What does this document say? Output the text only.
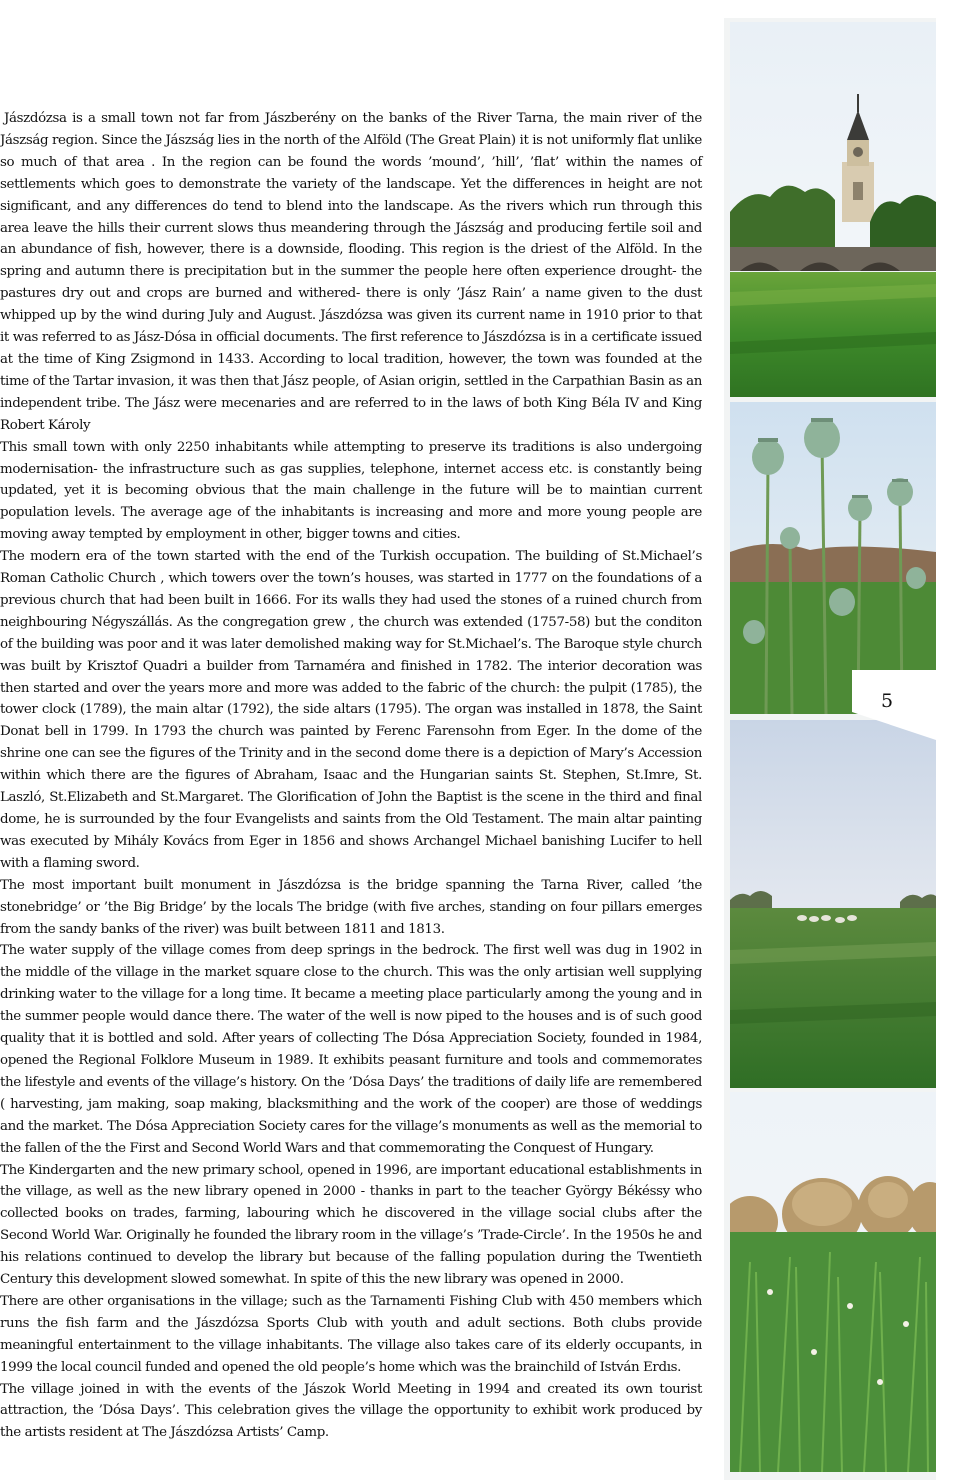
Jászdózsa is a small town not far from Jászberény on the banks of the River Tarna, the main river of the Jászság region. Since the Jászság lies in the north of the Alföld (The Great Plain) it is not uniformly flat unlike so much of that area . In the region can be found the words ’mound’, ’hill’, ’flat’ within the names of settlements which goes to demonstrate the variety of the landscape. Yet the differences in height are not significant, and any differences do tend to blend into the landscape. As the rivers which run through this area leave the hills their current slows thus meandering through the Jászság and producing fertile soil and an abundance of fish, however, there is a downside, flooding. This region is the driest of the Alföld. In the spring and autumn there is precipitation but in the summer the people here often experience drought- the pastures dry out and crops are burned and withered- there is only ’Jász Rain’ a name given to the dust whipped up by the wind during July and August. Jászdózsa was given its current name in 1910 prior to that it was referred to as Jász-Dósa in official documents. The first reference to Jászdózsa is in a certificate issued at the time of King Zsigmond in 1433. According to local tradition, however, the town was founded at the time of the Tartar invasion, it was then that Jász people, of Asian origin, settled in the Carpathian Basin as an independent tribe. The Jász were mecenaries and are referred to in the laws of both King Béla IV and King Robert Károly

This small town with only 2250 inhabitants while attempting to preserve its traditions is also undergoing modernisation- the infrastructure such as gas supplies, telephone, internet access etc. is constantly being updated, yet it is becoming obvious that the main challenge in the future will be to maintian current population levels. The average age of the inhabitants is increasing and more and more young people are moving away tempted by employment in other, bigger towns and cities.

The modern era of the town started with the end of the Turkish occupation. The building of St.Michael’s Roman Catholic Church , which towers over the town’s houses, was started in 1777 on the foundations of a previous church that had been built in 1666. For its walls they had used the stones of a ruined church from neighbouring Négyszállás. As the congregation grew , the church was extended (1757-58) but the conditon of the building was poor and it was later demolished making way for St.Michael’s. The Baroque style church was built by Krisztof Quadri a builder from Tarnaméra and finished in 1782. The interior decoration was then started and over the years more and more was added to the fabric of the church: the pulpit (1785), the tower clock (1789), the main altar (1792), the side altars (1795). The organ was installed in 1878, the Saint Donat bell in 1799. In 1793 the church was painted by Ferenc Farensohn from Eger. In the dome of the shrine one can see the figures of the Trinity and in the second dome there is a depiction of Mary’s Accession within which there are the figures of Abraham, Isaac and the Hungarian saints St. Stephen, St.Imre, St. Laszló, St.Elizabeth and St.Margaret. The Glorification of John the Baptist is the scene in the third and final dome, he is surrounded by the four Evangelists and saints from the Old Testament. The main altar painting was executed by Mihály Kovács from Eger in 1856 and shows Archangel Michael banishing Lucifer to hell with a flaming sword.

The most important built monument in Jászdózsa is the bridge spanning the Tarna River, called ’the stonebridge’ or ’the Big Bridge’ by the locals The bridge (with five arches, standing on four pillars emerges from the sandy banks of the river) was built between 1811 and 1813.

The water supply of the village comes from deep springs in the bedrock. The first well was dug in 1902 in the middle of the village in the market square close to the church. This was the only artisian well supplying drinking water to the village for a long time. It became a meeting place particularly among the young and in the summer people would dance there. The water of the well is now piped to the houses and is of such good quality that it is bottled and sold. After years of collecting The Dósa Appreciation Society, founded in 1984, opened the Regional Folklore Museum in 1989. It exhibits peasant furniture and tools and commemorates the lifestyle and events of the village’s history. On the ’Dósa Days’ the traditions of daily life are remembered ( harvesting, jam making, soap making, blacksmithing and the work of the cooper) are those of weddings and the market. The Dósa Appreciation Society cares for the village’s monuments as well as the memorial to the fallen of the the First and Second World Wars and that commemorating the Conquest of Hungary.

The Kindergarten and the new primary school, opened in 1996, are important educational establishments in the village, as well as the new library opened in 2000 - thanks in part to the teacher György Békéssy who collected books on trades, farming, labouring which he discovered in the village social clubs after the Second World War. Originally he founded the library room in the village’s ’Trade-Circle’. In the 1950s he and his relations continued to develop the library but because of the falling population during the Twentieth Century this development slowed somewhat. In spite of this the new library was opened in 2000.

There are other organisations in the village; such as the Tarnamenti Fishing Club with 450 members which runs the fish farm and the Jászdózsa Sports Club with youth and adult sections. Both clubs provide meaningful entertainment to the village inhabitants. The village also takes care of its elderly occupants, in 1999 the local council funded and opened the old people’s home which was the brainchild of István Erdıs.

The village joined in with the events of the Jászok World Meeting in 1994 and created its own tourist attraction, the ’Dósa Days’. This celebration gives the village the opportunity to exhibit work produced by the artists resident at The Jászdózsa Artists’ Camp.

5
